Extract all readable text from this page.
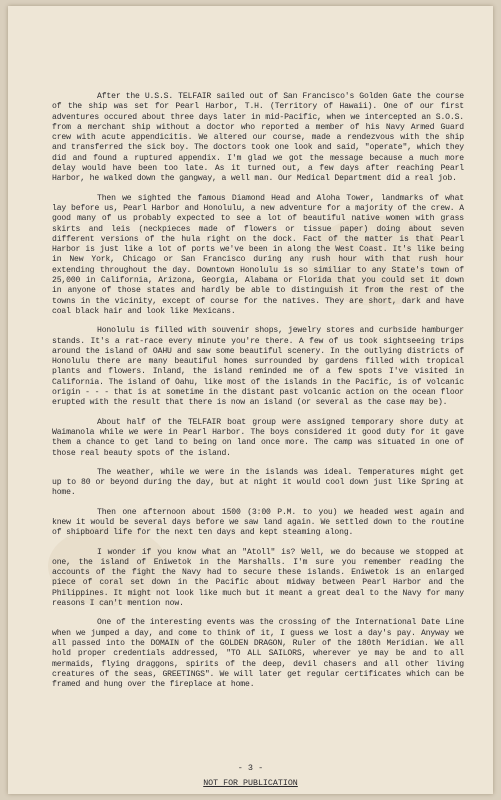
After the U.S.S. TELFAIR sailed out of San Francisco's Golden Gate the course of the ship was set for Pearl Harbor, T.H. (Territory of Hawaii). One of our first adventures occured about three days later in mid-Pacific, when we intercepted an S.O.S. from a merchant ship without a doctor who reported a member of his Navy Armed Guard crew with acute appendicitis. We altered our course, made a rendezvous with the ship and transferred the sick boy. The doctors took one look and said, "operate", which they did and found a ruptured appendix. I'm glad we got the message because a much more delay would have been too late. As it turned out, a few days after reaching Pearl Harbor, he walked down the gangway, a well man. Our Medical Department did a real job.
Then we sighted the famous Diamond Head and Aloha Tower, landmarks of what lay before us, Pearl Harbor and Honolulu, a new adventure for a majority of the crew. A good many of us probably expected to see a lot of beautiful native women with grass skirts and leis (neckpieces made of flowers or tissue paper) doing about seven different versions of the hula right on the dock. Fact of the matter is that Pearl Harbor is just like a lot of ports we've been in along the West Coast. It's like being in New York, Chicago or San Francisco during any rush hour with that rush hour extending throughout the day. Downtown Honolulu is so similiar to any State's town of 25,000 in California, Arizona, Georgia, Alabama or Florida that you could set it down in anyone of those states and hardly be able to distinguish it from the rest of the towns in the vicinity, except of course for the natives. They are short, dark and have coal black hair and look like Mexicans.
Honolulu is filled with souvenir shops, jewelry stores and curbside hamburger stands. It's a rat-race every minute you're there. A few of us took sightseeing trips around the island of OAHU and saw some beautiful scenery. In the outlying districts of Honolulu there are many beautiful homes surrounded by gardens filled with tropical plants and flowers. Inland, the island reminded me of a few spots I've visited in California. The island of Oahu, like most of the islands in the Pacific, is of volcanic origin - - - that is at sometime in the distant past volcanic action on the ocean floor erupted with the result that there is now an island (or several as the case may be).
About half of the TELFAIR boat group were assigned temporary shore duty at Waimanola while we were in Pearl Harbor. The boys considered it good duty for it gave them a chance to get land to being on land once more. The camp was situated in one of those real beauty spots of the island.
The weather, while we were in the islands was ideal. Temperatures might get up to 80 or beyond during the day, but at night it would cool down just like Spring at home.
Then one afternoon about 1500 (3:00 P.M. to you) we headed west again and knew it would be several days before we saw land again. We settled down to the routine of shipboard life for the next ten days and kept steaming along.
I wonder if you know what an "Atoll" is? Well, we do because we stopped at one, the island of Eniwetok in the Marshalls. I'm sure you remember reading the accounts of the fight the Navy had to secure these islands. Eniwetok is an enlarged piece of coral set down in the Pacific about midway between Pearl Harbor and the Philippines. It might not look like much but it meant a great deal to the Navy for many reasons I can't mention now.
One of the interesting events was the crossing of the International Date Line when we jumped a day, and come to think of it, I guess we lost a day's pay. Anyway we all passed into the DOMAIN of the GOLDEN DRAGON, Ruler of the 180th Meridian. We all hold proper credentials addressed, "TO ALL SAILORS, wherever ye may be and to all mermaids, flying draggons, spirits of the deep, devil chasers and all other living creatures of the seas, GREETINGS". We will later get regular certificates which can be framed and hung over the fireplace at home.
- 3 -
NOT FOR PUBLICATION
